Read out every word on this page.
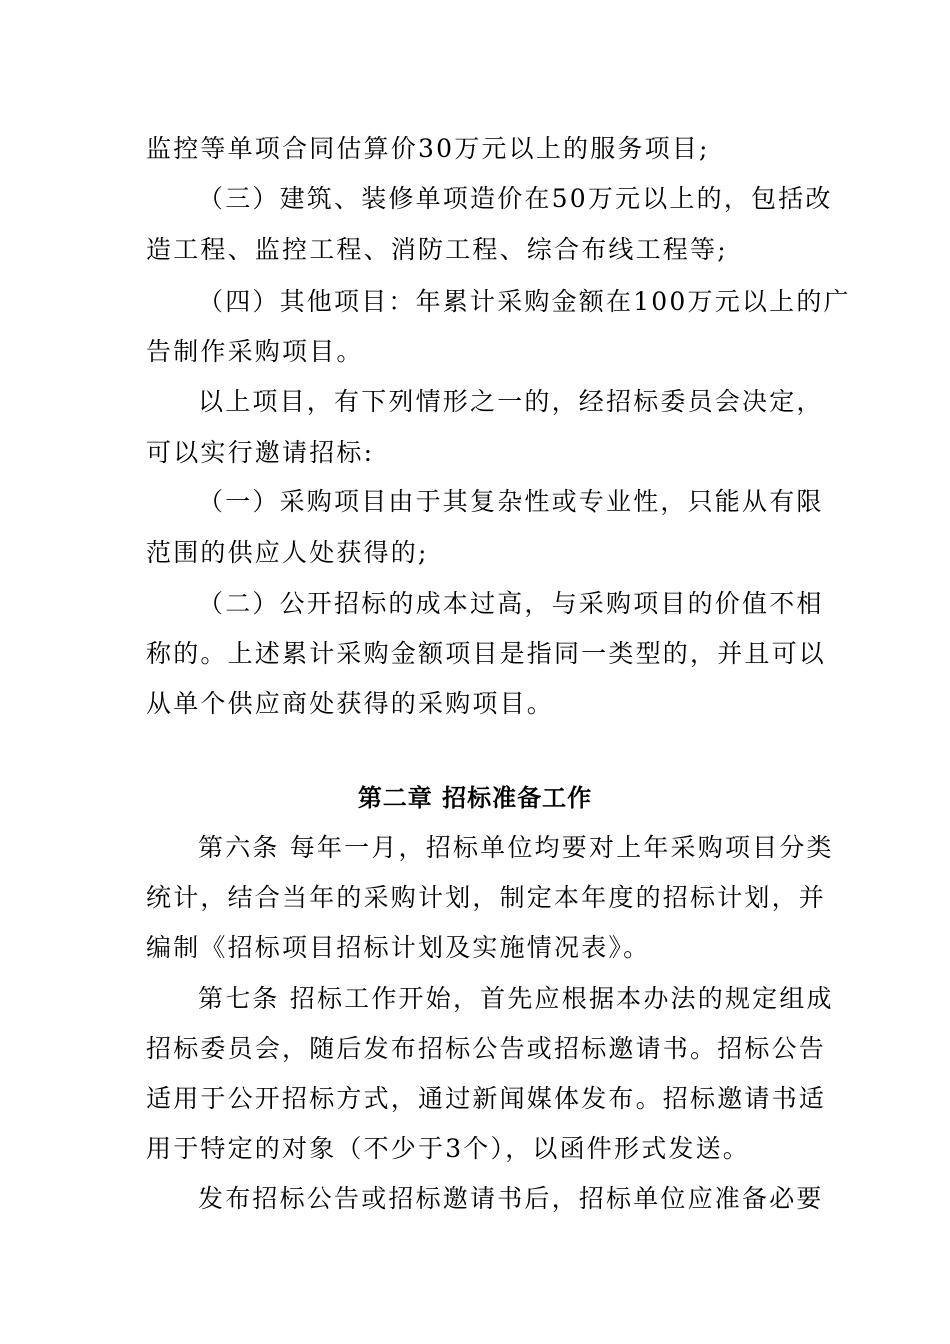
监控等单项合同估算价30万元以上的服务项目;
（三）建筑、装修单项造价在50万元以上的，包括改
造工程、监控工程、消防工程、综合布线工程等;
（四）其他项目：年累计采购金额在100万元以上的广
告制作采购项目。
以上项目，有下列情形之一的，经招标委员会决定，
可以实行邀请招标:
（一）采购项目由于其复杂性或专业性，只能从有限
范围的供应人处获得的;
（二）公开招标的成本过高，与采购项目的价值不相
称的。上述累计采购金额项目是指同一类型的，并且可以
从单个供应商处获得的采购项目。
第二章 招标准备工作
第六条 每年一月，招标单位均要对上年采购项目分类
统计，结合当年的采购计划，制定本年度的招标计划，并
编制《招标项目招标计划及实施情况表》。
第七条 招标工作开始，首先应根据本办法的规定组成
招标委员会，随后发布招标公告或招标邀请书。招标公告
适用于公开招标方式，通过新闻媒体发布。招标邀请书适
用于特定的对象（不少于3个），以函件形式发送。
发布招标公告或招标邀请书后，招标单位应准备必要
